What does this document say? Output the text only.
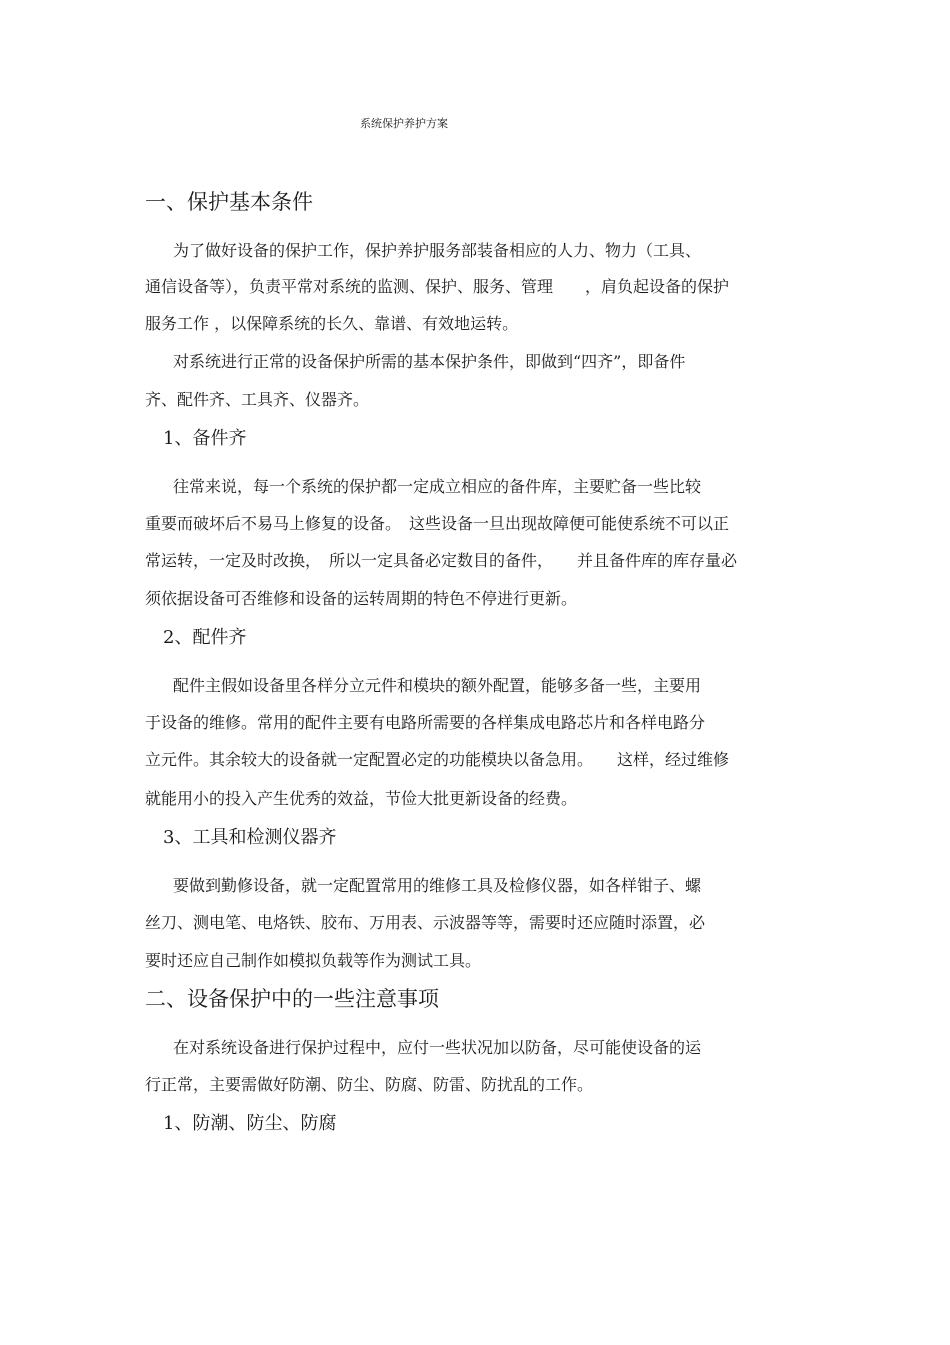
系统保护养护方案
一、保护基本条件
为了做好设备的保护工作，保护养护服务部装备相应的人力、物力（工具、
通信设备等），负责平常对系统的监测、保护、服务、管理　　，肩负起设备的保护
服务工作 ，以保障系统的长久、靠谱、有效地运转。
对系统进行正常的设备保护所需的基本保护条件，即做到“四齐”，即备件
齐、配件齐、工具齐、仪器齐。
1、备件齐
往常来说，每一个系统的保护都一定成立相应的备件库，主要贮备一些比较
重要而破坏后不易马上修复的设备。　这些设备一旦出现故障便可能使系统不可以正
常运转，一定及时改换，　所以一定具备必定数目的备件，　　并且备件库的库存量必
须依据设备可否维修和设备的运转周期的特色不停进行更新。
2、配件齐
配件主假如设备里各样分立元件和模块的额外配置，能够多备一些，主要用
于设备的维修。常用的配件主要有电路所需要的各样集成电路芯片和各样电路分
立元件。其余较大的设备就一定配置必定的功能模块以备急用。　　这样，经过维修
就能用小的投入产生优秀的效益，节俭大批更新设备的经费。
3、工具和检测仪器齐
要做到勤修设备，就一定配置常用的维修工具及检修仪器，如各样钳子、螺
丝刀、测电笔、电烙铁、胶布、万用表、示波器等等，需要时还应随时添置，必
要时还应自己制作如模拟负载等作为测试工具。
二、设备保护中的一些注意事项
在对系统设备进行保护过程中，应付一些状况加以防备，尽可能使设备的运
行正常，主要需做好防潮、防尘、防腐、防雷、防扰乱的工作。
1、防潮、防尘、防腐
